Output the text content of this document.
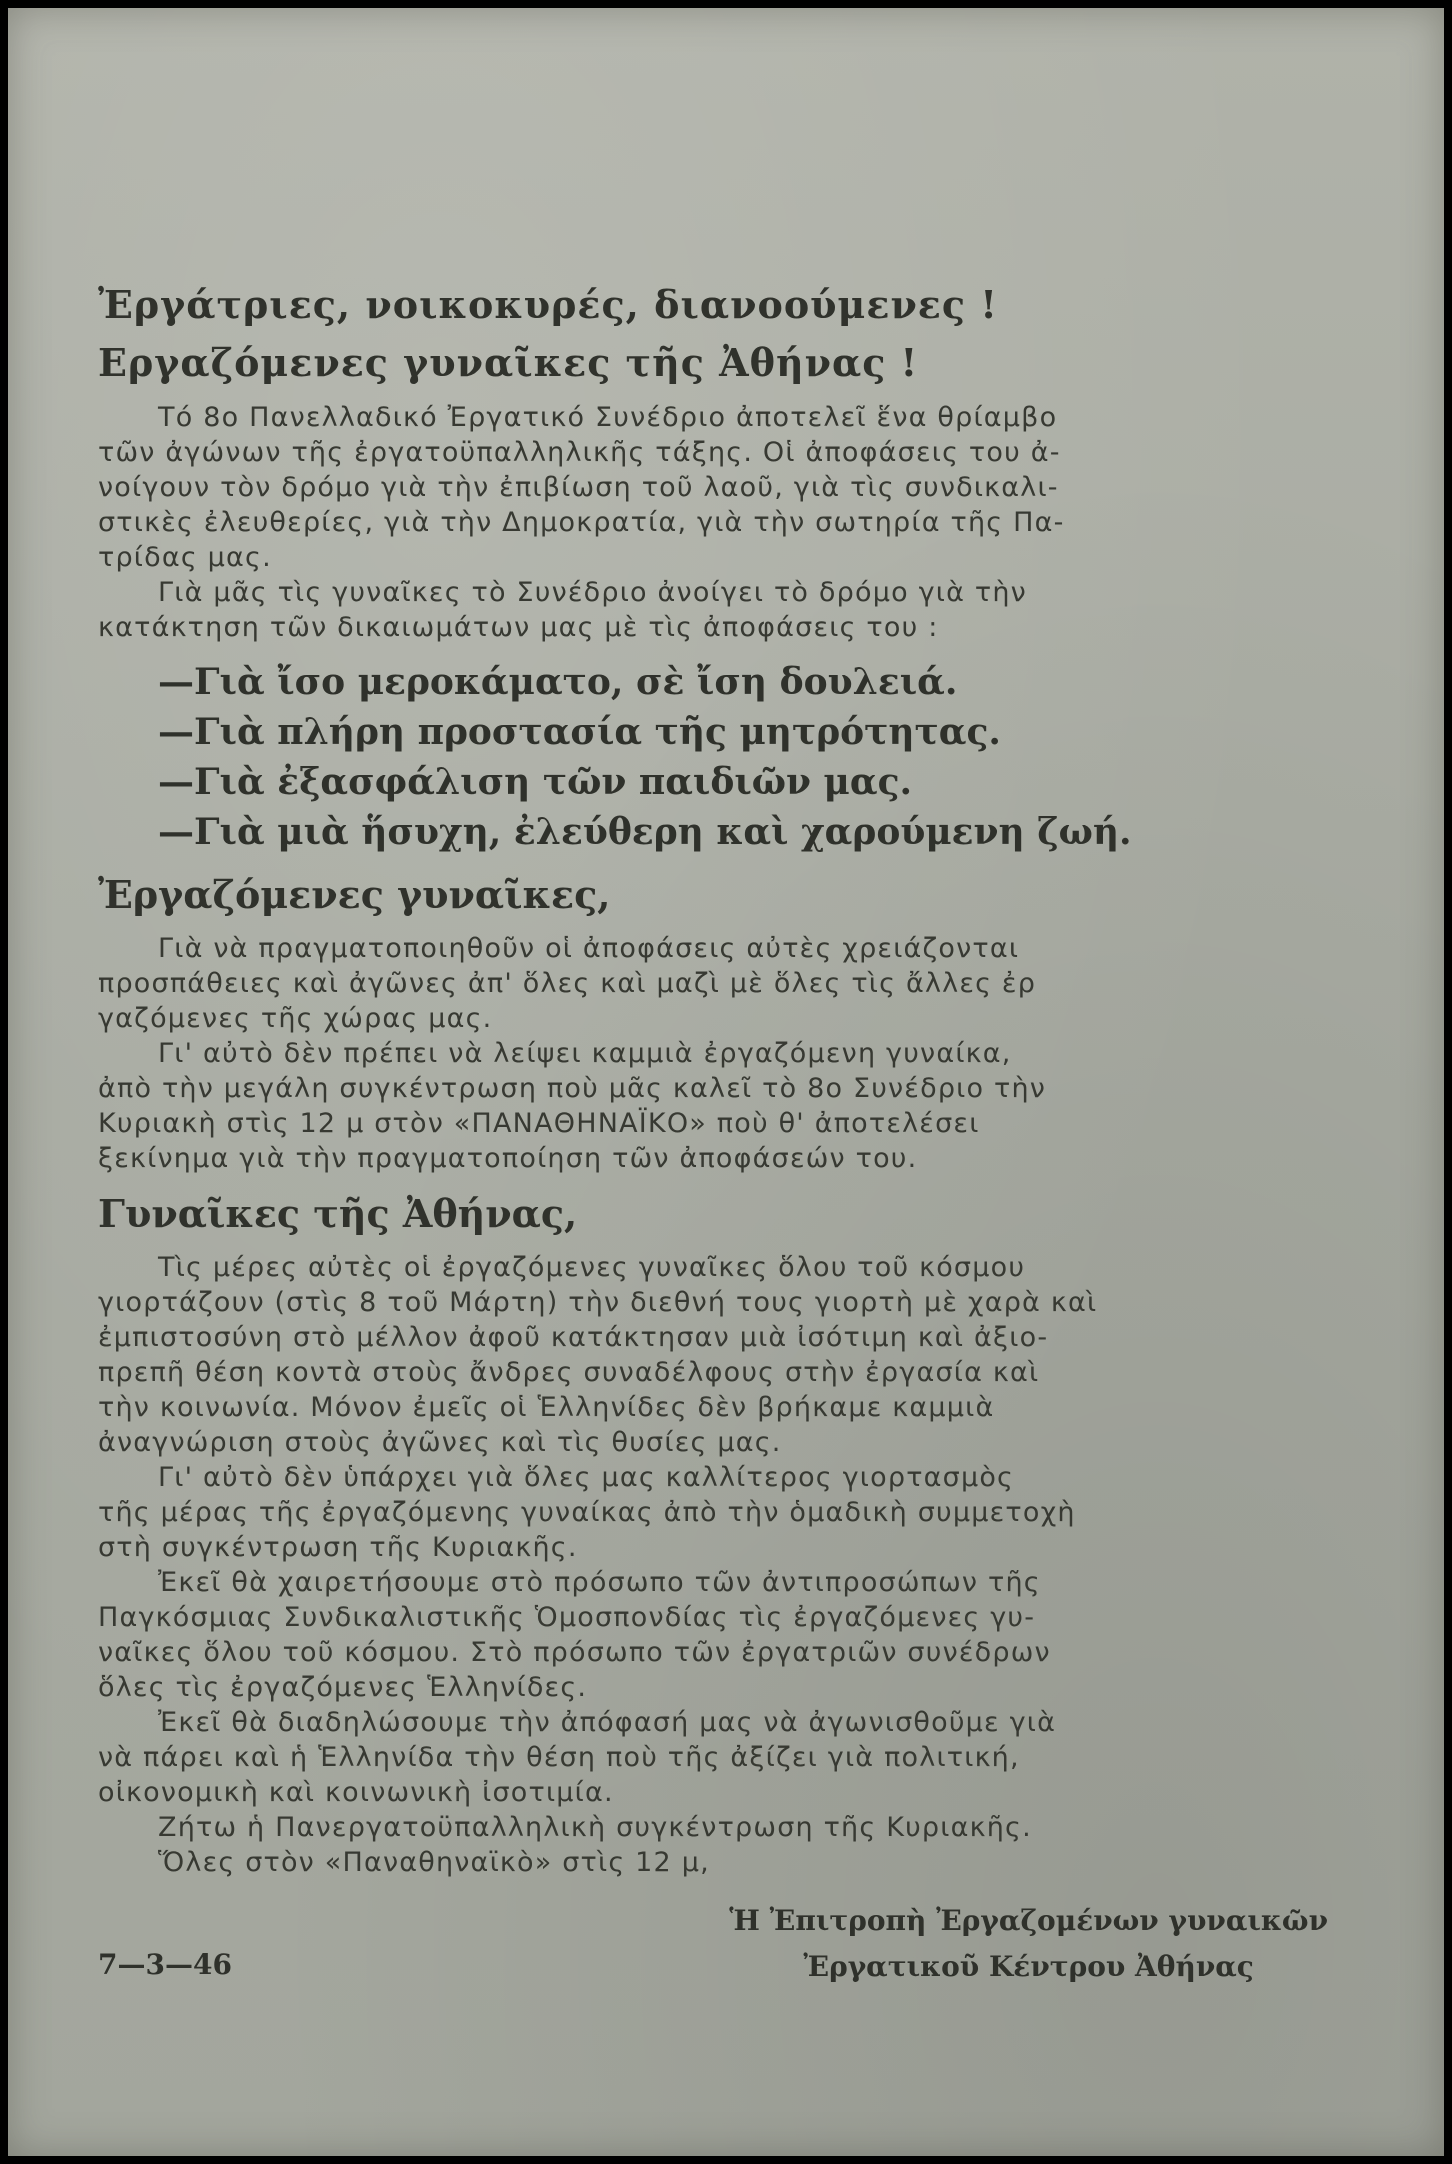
Ἐργάτριες, νοικοκυρές, διανοούμενες !
Εργαζόμενες γυναῖκες τῆς Ἀθήνας !
Τό 8ο Πανελλαδικό Ἐργατικό Συνέδριο ἀποτελεῖ ἕνα θρίαμβο
τῶν ἀγώνων τῆς ἐργατοϋπαλληλικῆς τάξης. Οἱ ἀποφάσεις του ἀ-
νοίγουν τὸν δρόμο γιὰ τὴν ἐπιβίωση τοῦ λαοῦ, γιὰ τὶς συνδικαλι-
στικὲς ἐλευθερίες, γιὰ τὴν Δημοκρατία, γιὰ τὴν σωτηρία τῆς Πα-
τρίδας μας.
Γιὰ μᾶς τὶς γυναῖκες τὸ Συνέδριο ἀνοίγει τὸ δρόμο γιὰ τὴν
κατάκτηση τῶν δικαιωμάτων μας μὲ τὶς ἀποφάσεις του :
—Γιὰ ἴσο μεροκάματο, σὲ ἴση δουλειά.
—Γιὰ πλήρη προστασία τῆς μητρότητας.
—Γιὰ ἐξασφάλιση τῶν παιδιῶν μας.
—Γιὰ μιὰ ἥσυχη, ἐλεύθερη καὶ χαρούμενη ζωή.
Ἐργαζόμενες γυναῖκες,
Γιὰ νὰ πραγματοποιηθοῦν οἱ ἀποφάσεις αὐτὲς χρειάζονται
προσπάθειες καὶ ἀγῶνες ἀπ' ὅλες καὶ μαζὶ μὲ ὅλες τὶς ἄλλες ἐρ
γαζόμενες τῆς χώρας μας.
Γι' αὐτὸ δὲν πρέπει νὰ λείψει καμμιὰ ἐργαζόμενη γυναίκα,
ἀπὸ τὴν μεγάλη συγκέντρωση ποὺ μᾶς καλεῖ τὸ 8ο Συνέδριο τὴν
Κυριακὴ στὶς 12 μ στὸν «ΠΑΝΑΘΗΝΑΪΚΟ» ποὺ θ' ἀποτελέσει
ξεκίνημα γιὰ τὴν πραγματοποίηση τῶν ἀποφάσεών του.
Γυναῖκες τῆς Ἀθήνας,
Τὶς μέρες αὐτὲς οἱ ἐργαζόμενες γυναῖκες ὅλου τοῦ κόσμου
γιορτάζουν (στὶς 8 τοῦ Μάρτη) τὴν διεθνή τους γιορτὴ μὲ χαρὰ καὶ
ἐμπιστοσύνη στὸ μέλλον ἀφοῦ κατάκτησαν μιὰ ἰσότιμη καὶ ἀξιο-
πρεπῆ θέση κοντὰ στοὺς ἄνδρες συναδέλφους στὴν ἐργασία καὶ
τὴν κοινωνία. Μόνον ἐμεῖς οἱ Ἑλληνίδες δὲν βρήκαμε καμμιὰ
ἀναγνώριση στοὺς ἀγῶνες καὶ τὶς θυσίες μας.
Γι' αὐτὸ δὲν ὑπάρχει γιὰ ὅλες μας καλλίτερος γιορτασμὸς
τῆς μέρας τῆς ἐργαζόμενης γυναίκας ἀπὸ τὴν ὁμαδικὴ συμμετοχὴ
στὴ συγκέντρωση τῆς Κυριακῆς.
Ἐκεῖ θὰ χαιρετήσουμε στὸ πρόσωπο τῶν ἀντιπροσώπων τῆς
Παγκόσμιας Συνδικαλιστικῆς Ὁμοσπονδίας τὶς ἐργαζόμενες γυ-
ναῖκες ὅλου τοῦ κόσμου. Στὸ πρόσωπο τῶν ἐργατριῶν συνέδρων
ὅλες τὶς ἐργαζόμενες Ἑλληνίδες.
Ἐκεῖ θὰ διαδηλώσουμε τὴν ἀπόφασή μας νὰ ἀγωνισθοῦμε γιὰ
νὰ πάρει καὶ ἡ Ἑλληνίδα τὴν θέση ποὺ τῆς ἀξίζει γιὰ πολιτική,
οἰκονομικὴ καὶ κοινωνικὴ ἰσοτιμία.
Ζήτω ἡ Πανεργατοϋπαλληλικὴ συγκέντρωση τῆς Κυριακῆς.
Ὅλες στὸν «Παναθηναϊκὸ» στὶς 12 μ,
7—3—46
Ἡ Ἐπιτροπὴ Ἐργαζομένων γυναικῶν
Ἐργατικοῦ Κέντρου Ἀθήνας
